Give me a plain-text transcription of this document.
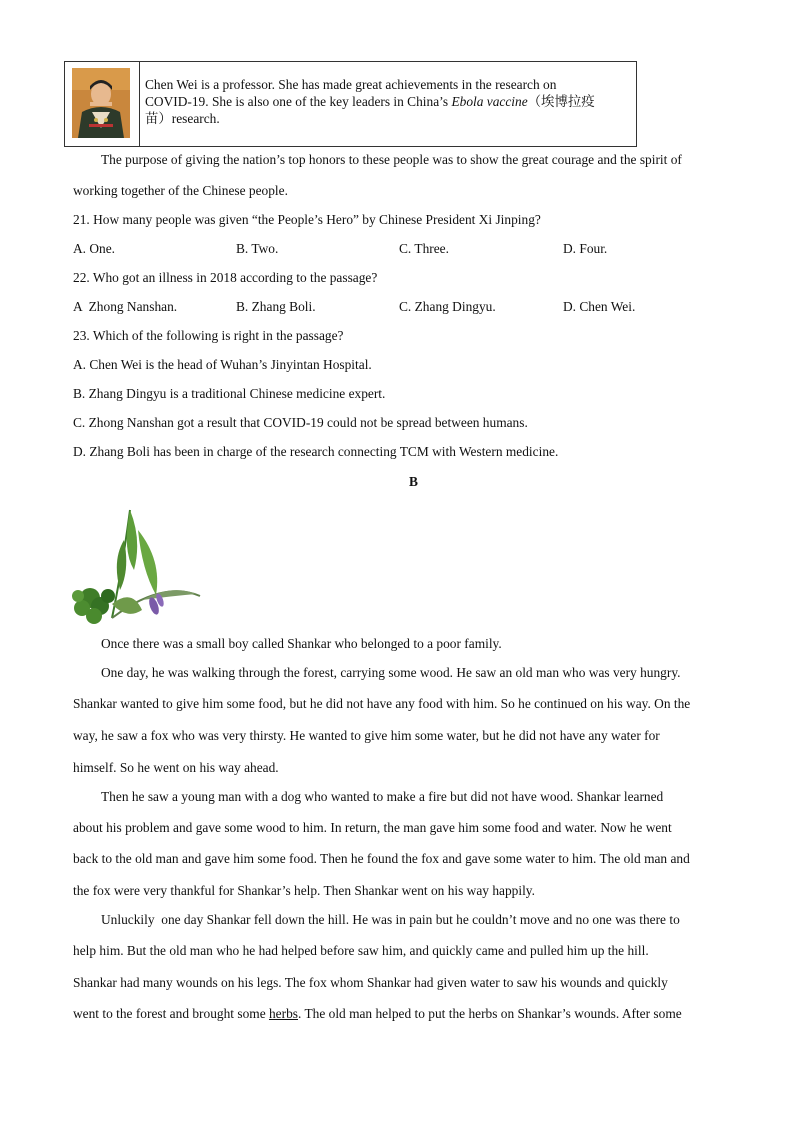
Chen Wei is a professor. She has made great achievements in the research on
COVID-19. She is also one of the key leaders in China’s Ebola vaccine（埃博拉疫
苗）research.
The purpose of giving the nation’s top honors to these people was to show the great courage and the spirit of
working together of the Chinese people.
21. How many people was given “the People’s Hero” by Chinese President Xi Jinping?
A. One.	B. Two.	C. Three.	D. Four.
22. Who got an illness in 2018 according to the passage?
A  Zhong Nanshan.	B. Zhang Boli.	C. Zhang Dingyu.	D. Chen Wei.
23. Which of the following is right in the passage?
A. Chen Wei is the head of Wuhan’s Jinyintan Hospital.
B. Zhang Dingyu is a traditional Chinese medicine expert.
C. Zhong Nanshan got a result that COVID-19 could not be spread between humans.
D. Zhang Boli has been in charge of the research connecting TCM with Western medicine.
B
Once there was a small boy called Shankar who belonged to a poor family.
One day, he was walking through the forest, carrying some wood. He saw an old man who was very hungry.
Shankar wanted to give him some food, but he did not have any food with him. So he continued on his way. On the
way, he saw a fox who was very thirsty. He wanted to give him some water, but he did not have any water for
himself. So he went on his way ahead.
Then he saw a young man with a dog who wanted to make a fire but did not have wood. Shankar learned
about his problem and gave some wood to him. In return, the man gave him some food and water. Now he went
back to the old man and gave him some food. Then he found the fox and gave some water to him. The old man and
the fox were very thankful for Shankar’s help. Then Shankar went on his way happily.
Unluckily  one day Shankar fell down the hill. He was in pain but he couldn’t move and no one was there to
help him. But the old man who he had helped before saw him, and quickly came and pulled him up the hill.
Shankar had many wounds on his legs. The fox whom Shankar had given water to saw his wounds and quickly
went to the forest and brought some herbs. The old man helped to put the herbs on Shankar’s wounds. After some
